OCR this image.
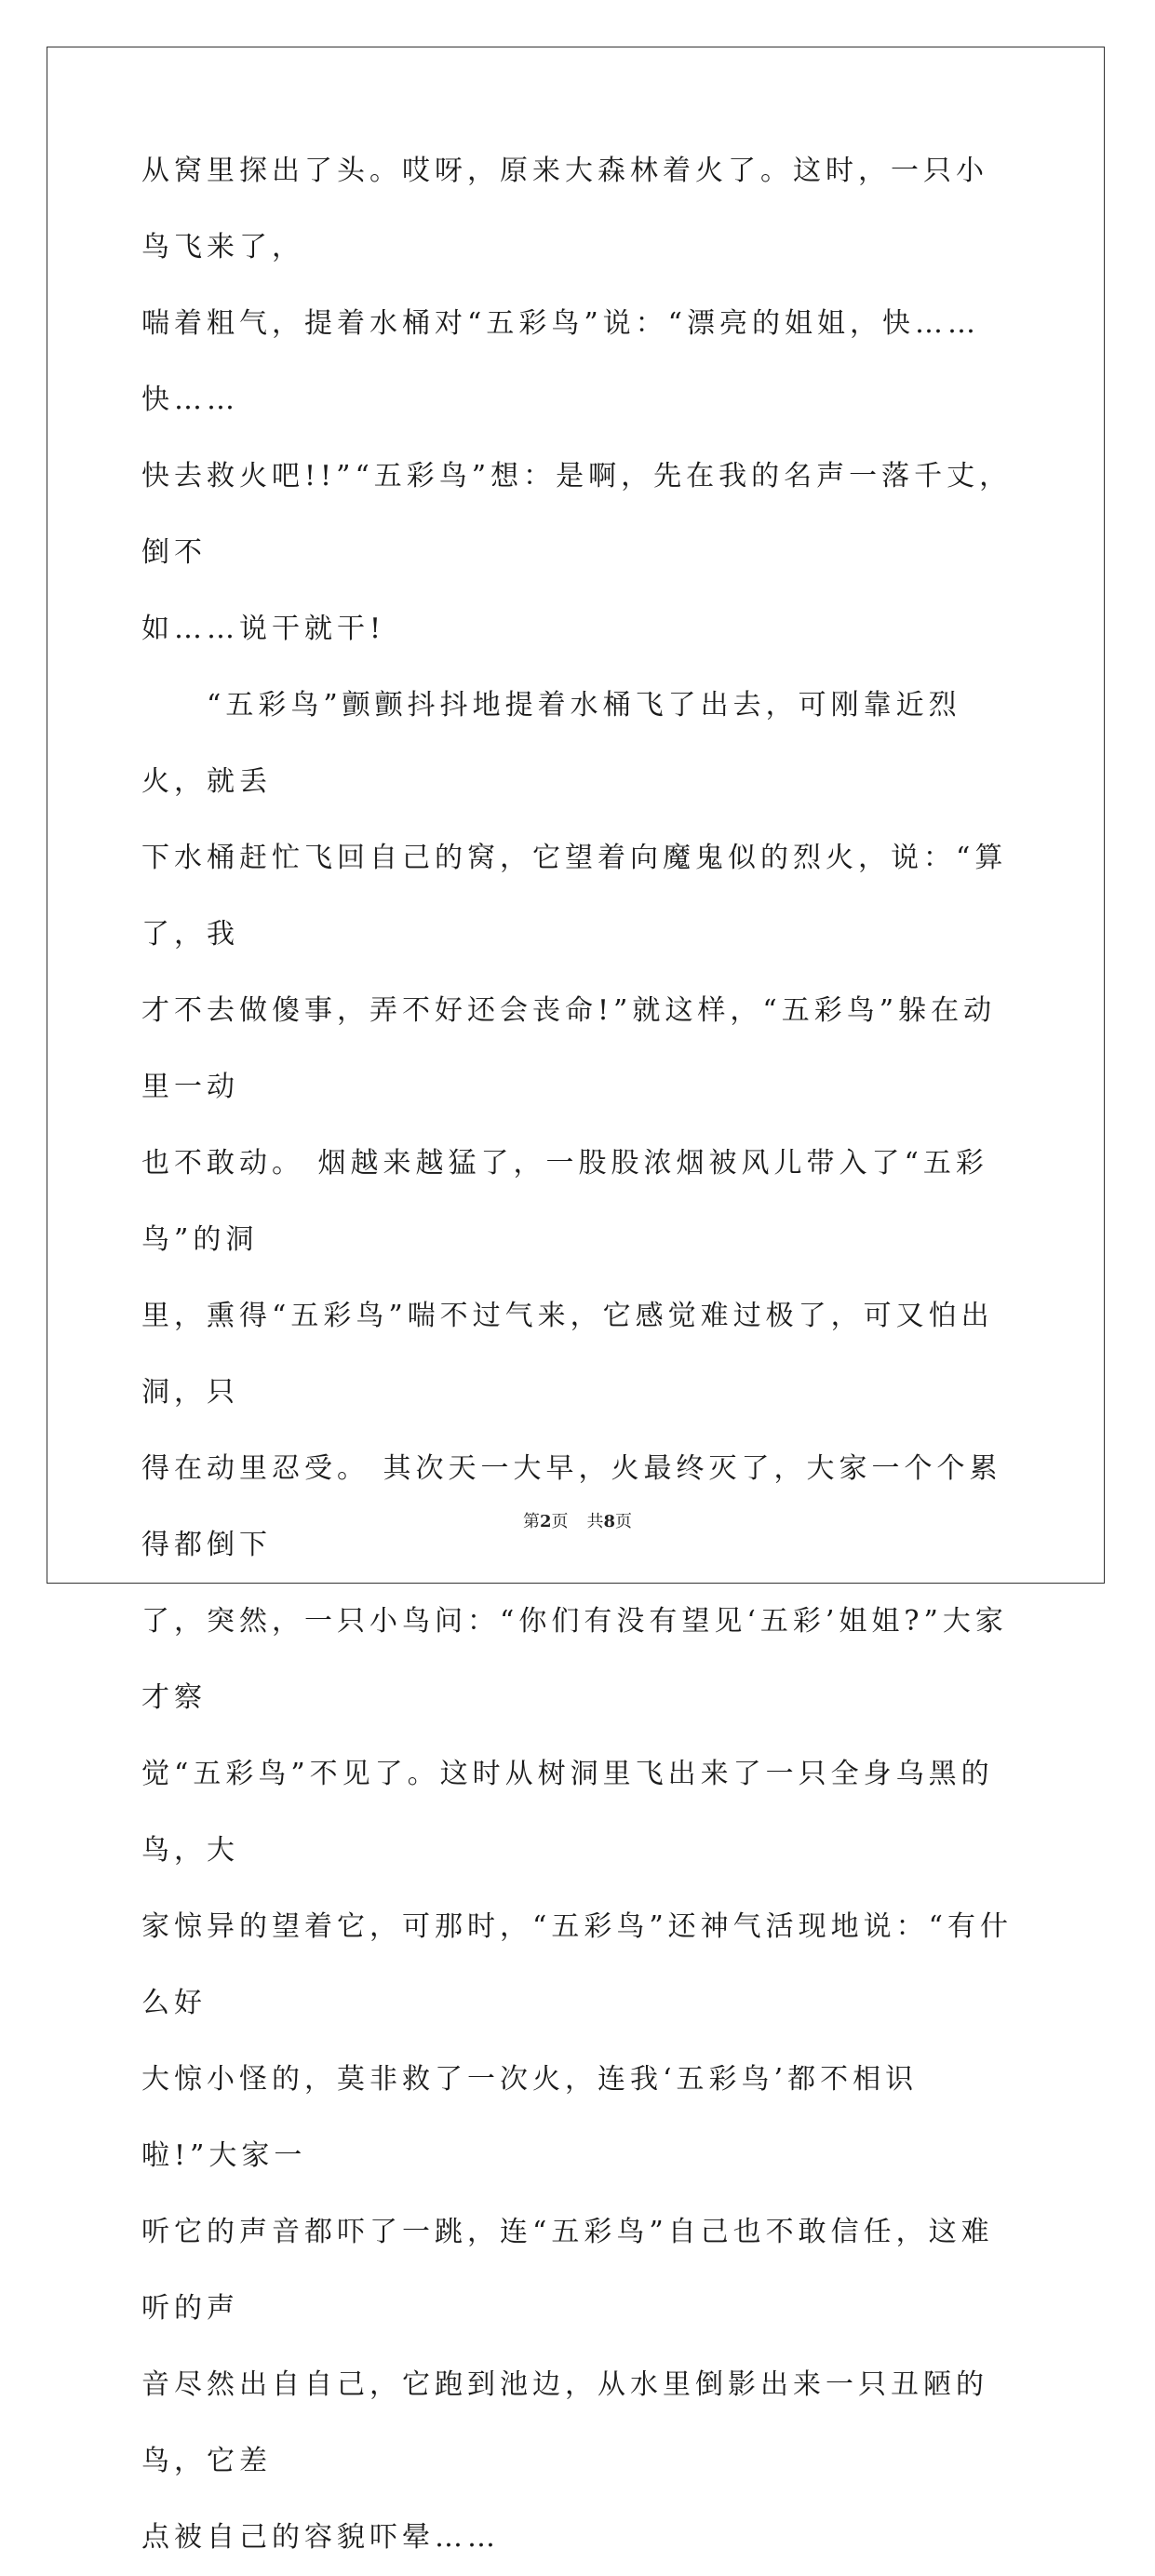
从窝里探出了头。哎呀，原来大森林着火了。这时，一只小鸟飞来了，
喘着粗气，提着水桶对“五彩鸟”说：“漂亮的姐姐，快……快……
快去救火吧!!”“五彩鸟”想：是啊，先在我的名声一落千丈，倒不
如……说干就干!

“五彩鸟”颤颤抖抖地提着水桶飞了出去，可刚靠近烈火，就丢
下水桶赶忙飞回自己的窝，它望着向魔鬼似的烈火，说：“算了，我
才不去做傻事，弄不好还会丧命!”就这样，“五彩鸟”躲在动里一动
也不敢动。 烟越来越猛了，一股股浓烟被风儿带入了“五彩鸟”的洞
里，熏得“五彩鸟”喘不过气来，它感觉难过极了，可又怕出洞，只
得在动里忍受。 其次天一大早，火最终灭了，大家一个个累得都倒下
了，突然，一只小鸟问：“你们有没有望见‘五彩’姐姐?”大家才察
觉“五彩鸟”不见了。这时从树洞里飞出来了一只全身乌黑的鸟，大
家惊异的望着它，可那时，“五彩鸟”还神气活现地说：“有什么好
大惊小怪的，莫非救了一次火，连我‘五彩鸟’都不相识啦!”大家一
听它的声音都吓了一跳，连“五彩鸟”自己也不敢信任，这难听的声
音尽然出自自己，它跑到池边，从水里倒影出来一只丑陋的鸟，它差
点被自己的容貌吓晕……

第2页 共8页
